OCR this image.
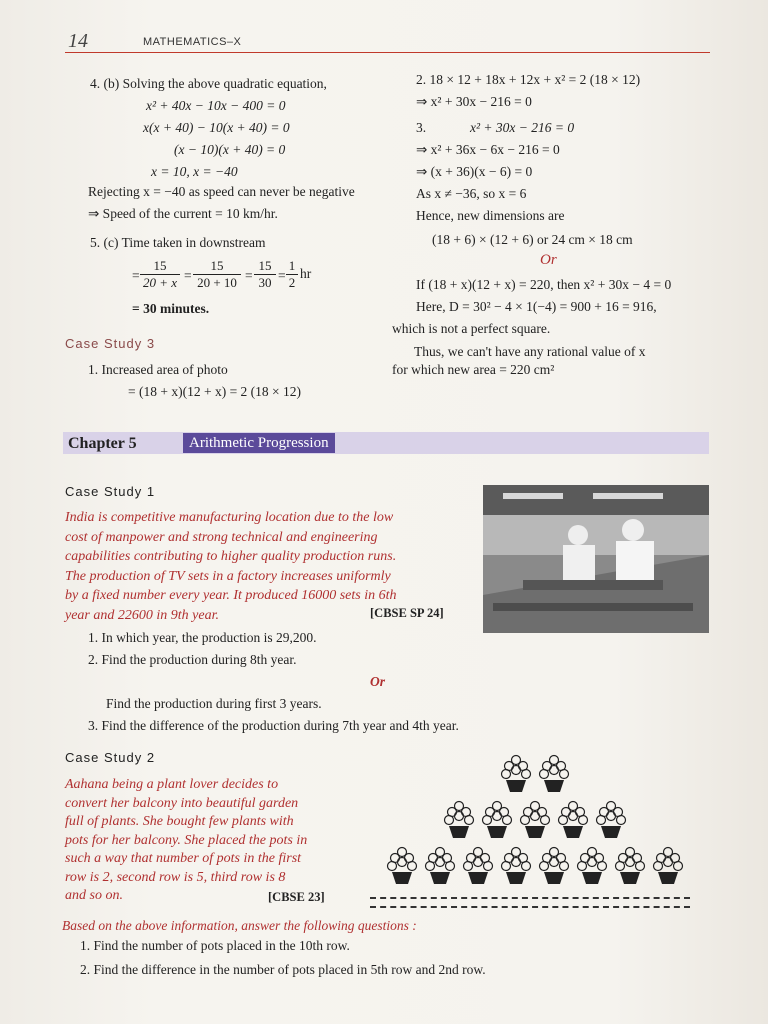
14	MATHEMATICS–X
4. (b) Solving the above quadratic equation,
x² + 40x − 10x − 400 = 0
x(x + 40) − 10(x + 40) = 0
(x − 10)(x + 40) = 0
x = 10, x = −40
Rejecting x = −40 as speed can never be negative
⇒ Speed of the current = 10 km/hr.
5. (c) Time taken in downstream
= $\frac{15}{20 + x} = \frac{15}{20 + 10} = \frac{15}{30} = \frac{1}{2}$ hr
= 30 minutes.
Case Study 3
1. Increased area of photo
= (18 + x)(12 + x) = 2 (18 × 12)
2. 18 × 12 + 18x + 12x + x² = 2 (18 × 12)
⇒ x² + 30x − 216 = 0
3.	x² + 30x − 216 = 0
⇒ x² + 36x − 6x − 216 = 0
⇒ (x + 36)(x − 6) = 0
As x ≠ −36, so x = 6
Hence, new dimensions are
(18 + 6) × (12 + 6) or 24 cm × 18 cm
Or
If (18 + x)(12 + x) = 220, then x² + 30x − 4 = 0
Here, D = 30² − 4 × 1(−4) = 900 + 16 = 916,
which is not a perfect square.
Thus, we can't have any rational value of x
for which new area = 220 cm²
Chapter 5	Arithmetic Progression
Case Study 1
India is competitive manufacturing location due to the low
cost of manpower and strong technical and engineering
capabilities contributing to higher quality production runs.
The production of TV sets in a factory increases uniformly
by a fixed number every year. It produced 16000 sets in 6th
year and 22600 in 9th year.	[CBSE SP 24]
1. In which year, the production is 29,200.
2. Find the production during 8th year.
Or
Find the production during first 3 years.
3. Find the difference of the production during 7th year and 4th year.
Case Study 2
Aahana being a plant lover decides to
convert her balcony into beautiful garden
full of plants. She bought few plants with
pots for her balcony. She placed the pots in
such a way that number of pots in the first
row is 2, second row is 5, third row is 8
and so on.	[CBSE 23]
Based on the above information, answer the following questions :
1. Find the number of pots placed in the 10th row.
2. Find the difference in the number of pots placed in 5th row and 2nd row.
